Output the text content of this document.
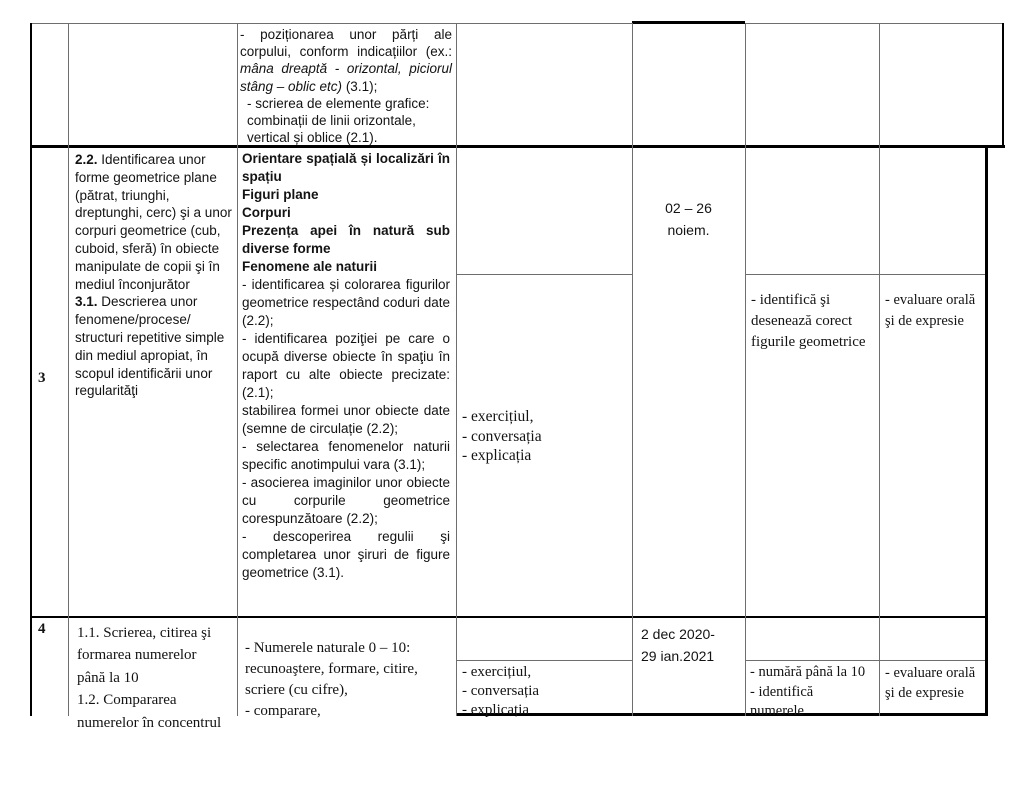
- poziționarea unor părți ale corpului, conform indicațiilor (ex.: mâna dreaptă - orizontal, piciorul stâng – oblic etc) (3.1);

- scrierea de elemente grafice:
combinații de linii orizontale,
vertical și oblice (2.1).
3

2.2. Identificarea unor forme geometrice plane (pătrat, triunghi, dreptunghi, cerc) şi a unor corpuri geometrice (cub, cuboid, sferă) în obiecte manipulate de copii şi în mediul înconjurător

3.1. Descrierea unor fenomene/procese/ structuri repetitive simple din mediul apropiat, în scopul identificării unor regularităţi

Orientare spațială și localizări în spațiu

Figuri plane

Corpuri

Prezența apei în natură sub diverse forme

Fenomene ale naturii

- identificarea și colorarea figurilor geometrice respectând coduri date (2.2);

- identificarea poziţiei pe care o ocupă diverse obiecte în spaţiu în raport cu alte obiecte precizate: (2.1);

stabilirea formei unor obiecte date (semne de circulație (2.2);

- selectarea fenomenelor naturii specific anotimpului vara (3.1);

- asocierea imaginilor unor obiecte cu corpurile geometrice corespunzătoare (2.2);

- descoperirea regulii şi completarea unor şiruri de figure geometrice (3.1).

- exercițiul,
- conversația
- explicația
02 – 26
noiem.
- identifică şi
desenează corect
figurile geometrice
- evaluare orală
şi de expresie
4	1.1. Scrierea, citirea şi
formarea numerelor
până la 10
1.2. Compararea
numerelor în concentrul
- Numerele naturale 0 – 10:
recunoaştere, formare, citire,
scriere (cu cifre),
- comparare,
- exercițiul,
- conversația
- explicația
2 dec 2020-
29 ian.2021
- numără până la 10
- identifică
numerele
- evaluare orală
şi de expresie
